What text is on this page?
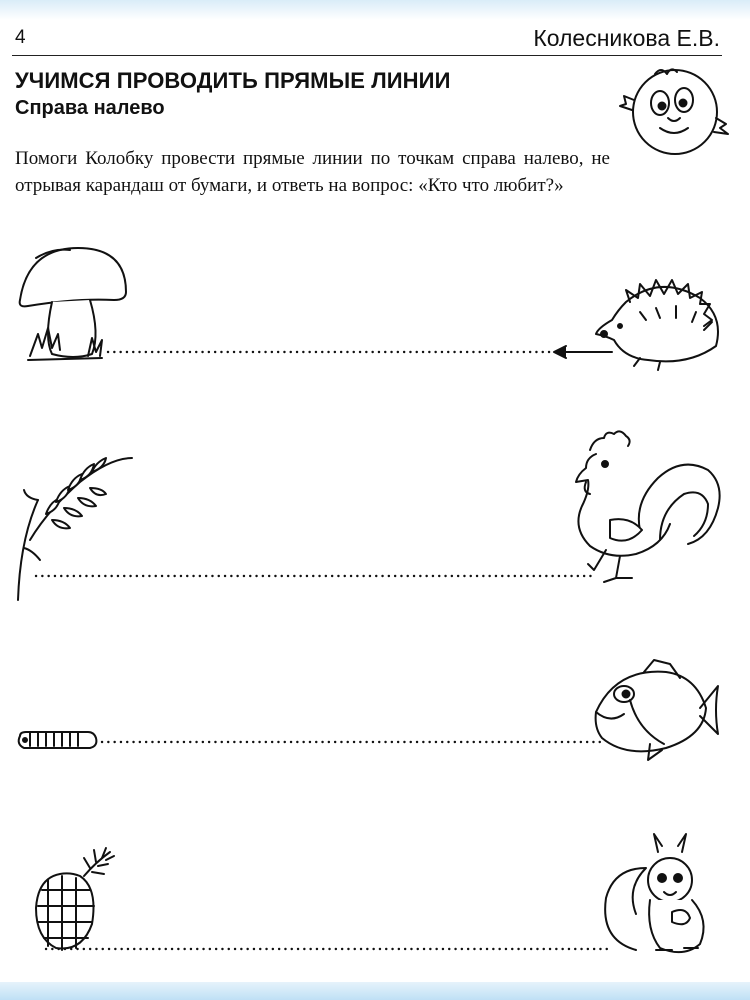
4	Колесникова Е.В.
УЧИМСЯ ПРОВОДИТЬ ПРЯМЫЕ ЛИНИИ
Справа налево
Помоги Колобку провести прямые линии по точкам справа налево, не отрывая карандаш от бумаги, и ответь на вопрос: «Кто что любит?»
